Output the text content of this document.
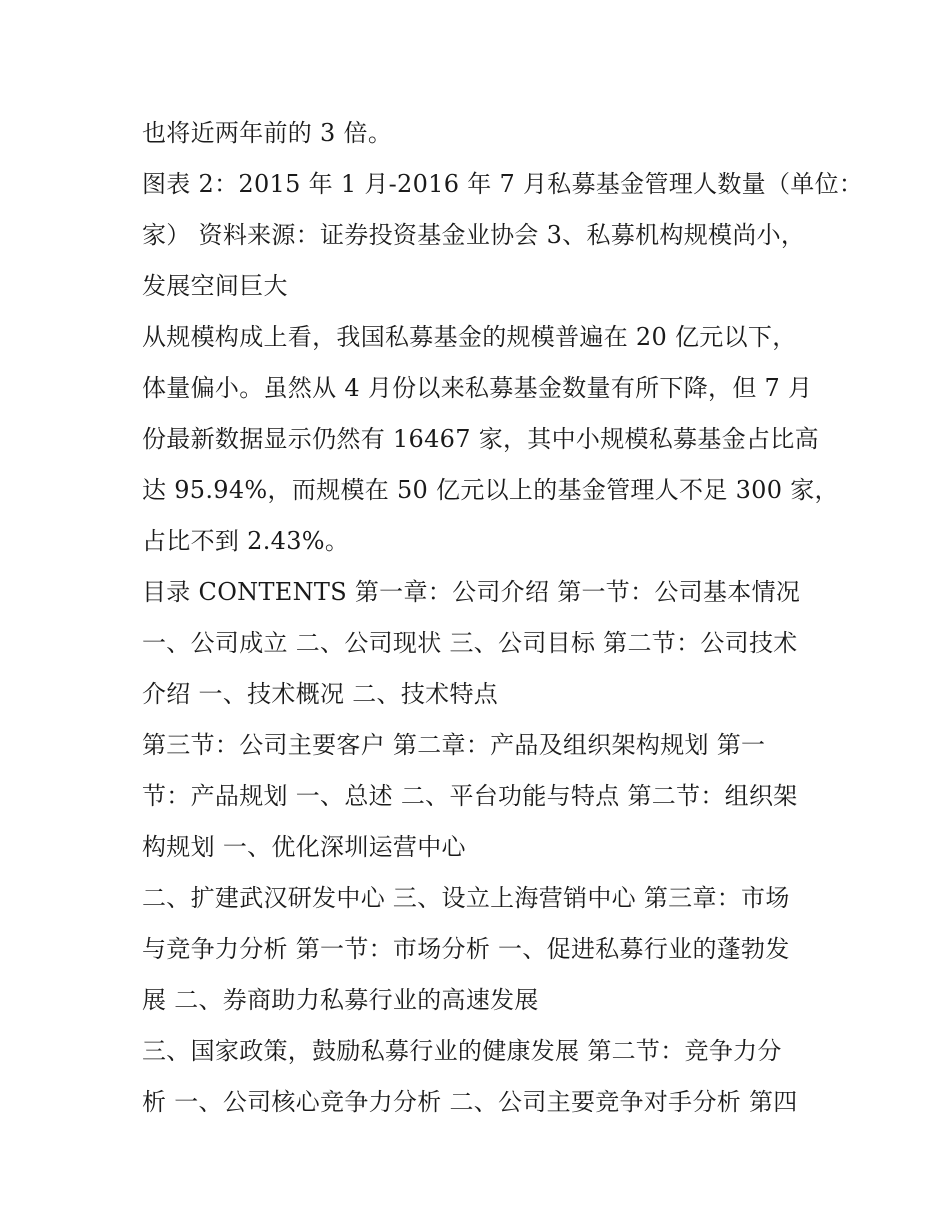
也将近两年前的 3 倍。
图表 2：2015 年 1 月-2016 年 7 月私募基金管理人数量（单位：
家） 资料来源：证券投资基金业协会 3、私募机构规模尚小，
发展空间巨大
从规模构成上看，我国私募基金的规模普遍在 20 亿元以下，
体量偏小。虽然从 4 月份以来私募基金数量有所下降，但 7 月
份最新数据显示仍然有 16467 家，其中小规模私募基金占比高
达 95.94%，而规模在 50 亿元以上的基金管理人不足 300 家，
占比不到 2.43%。
目录 CONTENTS 第一章：公司介绍 第一节：公司基本情况
一、公司成立 二、公司现状 三、公司目标 第二节：公司技术
介绍 一、技术概况 二、技术特点
第三节：公司主要客户 第二章：产品及组织架构规划 第一
节：产品规划 一、总述 二、平台功能与特点 第二节：组织架
构规划 一、优化深圳运营中心
二、扩建武汉研发中心 三、设立上海营销中心 第三章：市场
与竞争力分析 第一节：市场分析 一、促进私募行业的蓬勃发
展 二、券商助力私募行业的高速发展
三、国家政策，鼓励私募行业的健康发展 第二节：竞争力分
析 一、公司核心竞争力分析 二、公司主要竞争对手分析 第四
